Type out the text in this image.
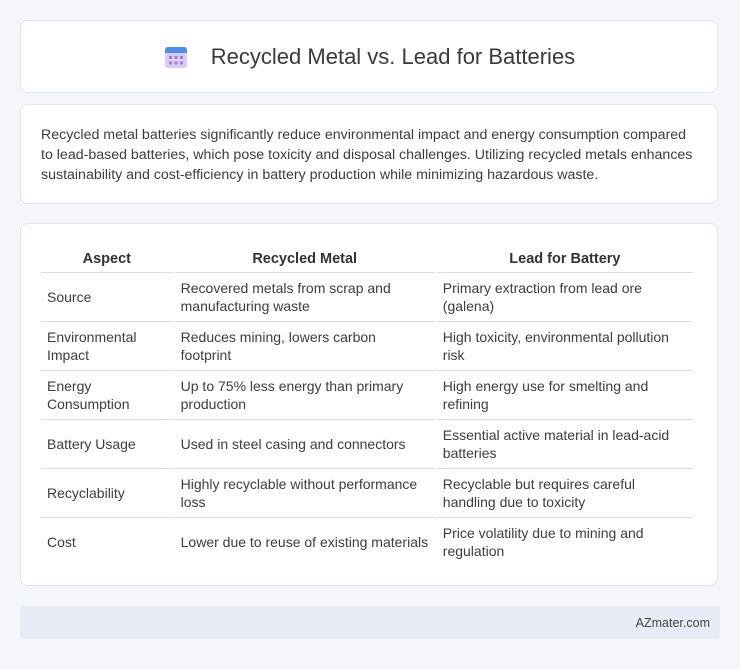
Recycled Metal vs. Lead for Batteries

Recycled metal batteries significantly reduce environmental impact and energy consumption compared to lead-based batteries, which pose toxicity and disposal challenges. Utilizing recycled metals enhances sustainability and cost-efficiency in battery production while minimizing hazardous waste.

Aspect	Recycled Metal	Lead for Battery
Source	Recovered metals from scrap and manufacturing waste	Primary extraction from lead ore (galena)
Environmental Impact	Reduces mining, lowers carbon footprint	High toxicity, environmental pollution risk
Energy Consumption	Up to 75% less energy than primary production	High energy use for smelting and refining
Battery Usage	Used in steel casing and connectors	Essential active material in lead-acid batteries
Recyclability	Highly recyclable without performance loss	Recyclable but requires careful handling due to toxicity
Cost	Lower due to reuse of existing materials	Price volatility due to mining and regulation
AZmater.com
